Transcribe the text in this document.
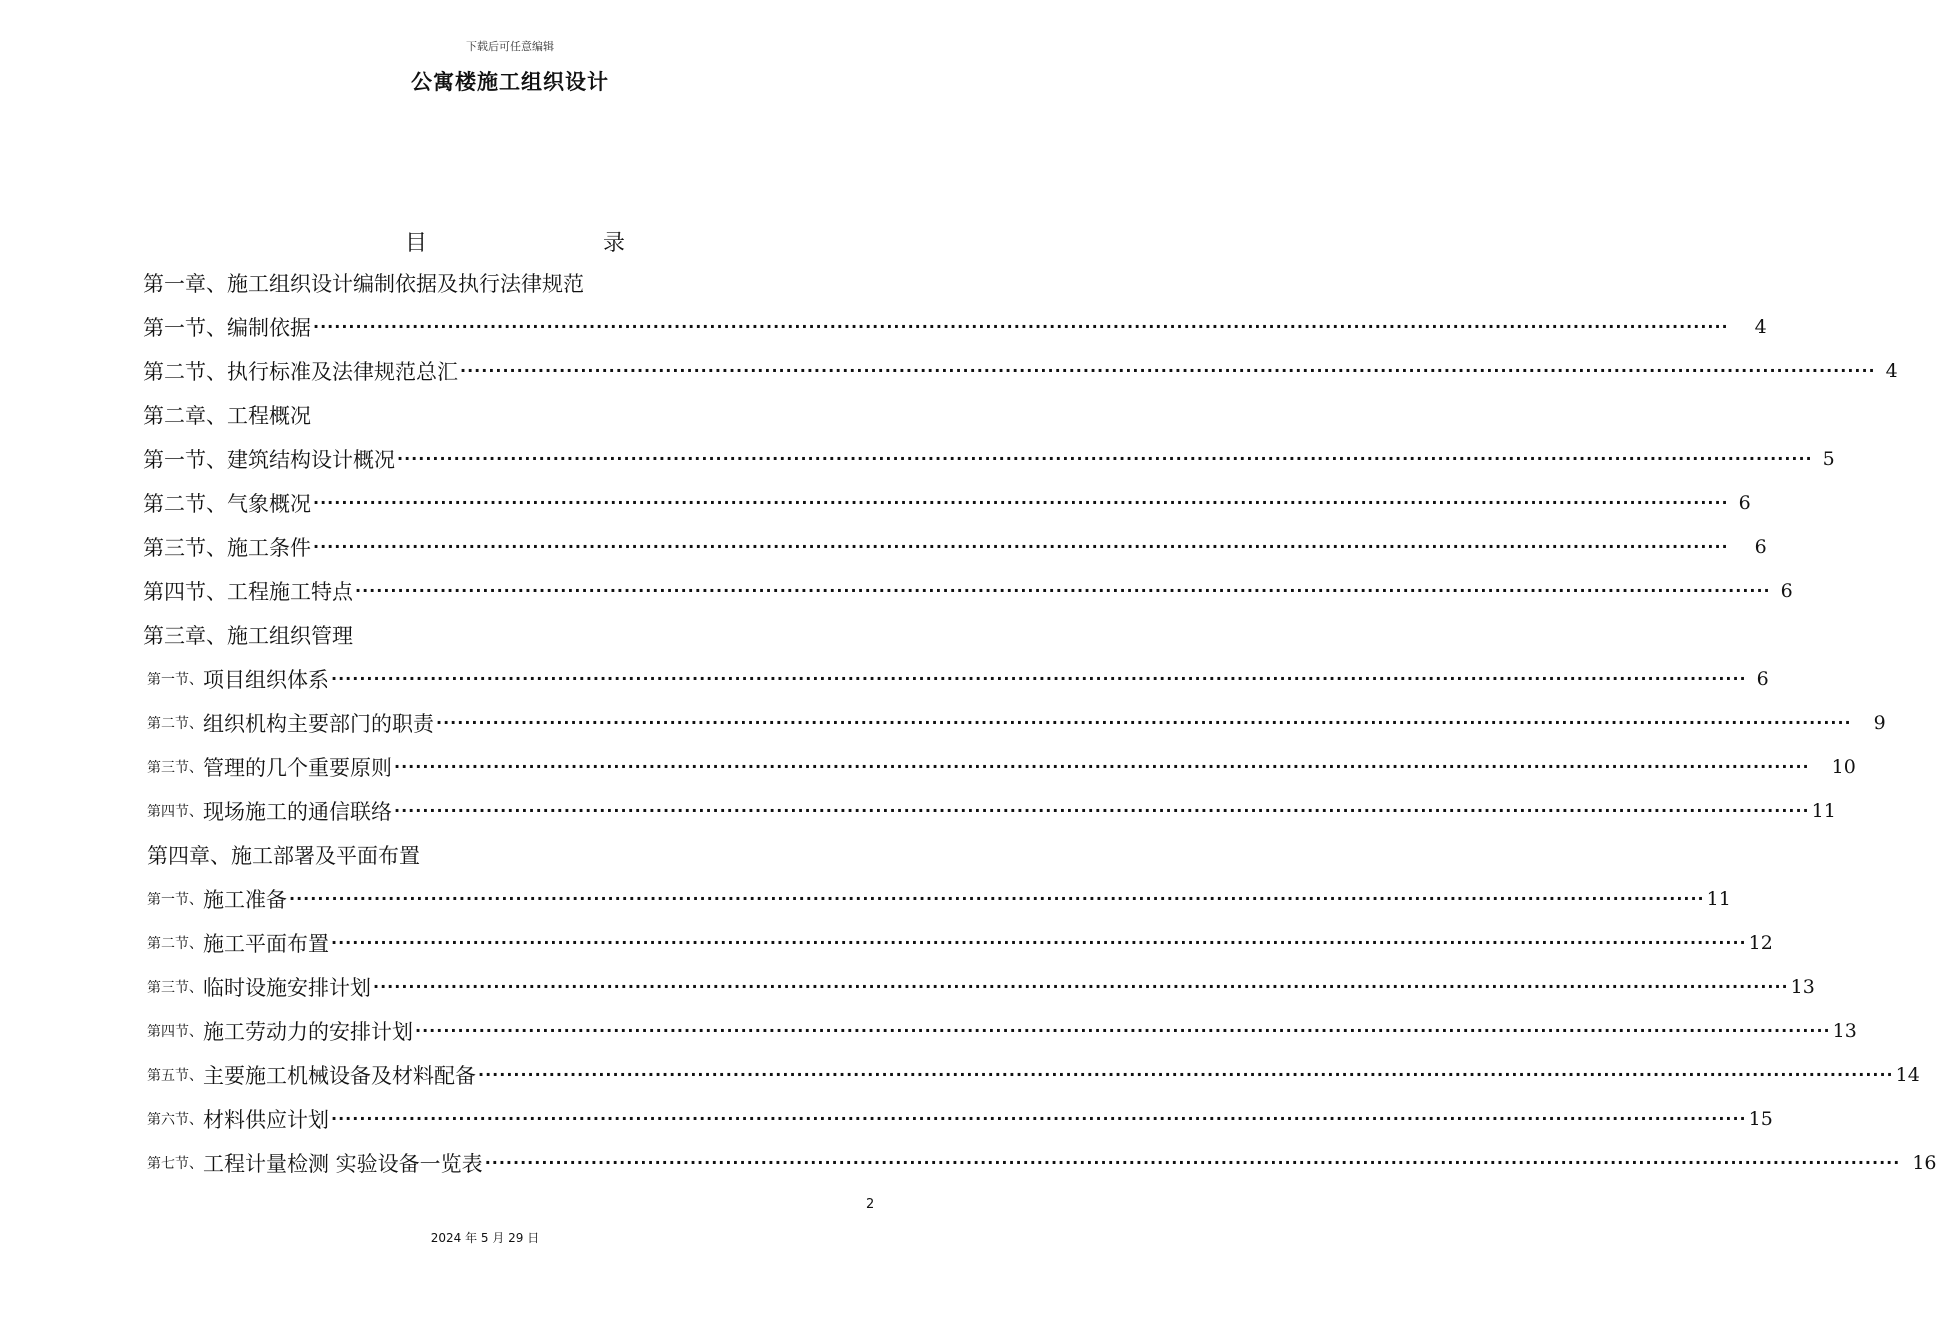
下载后可任意编辑
公寓楼施工组织设计
目	录
第一章、施工组织设计编制依据及执行法律规范
第一节、编制依据 ········································································································································································································ 4
第二节、执行标准及法律规范总汇 ········································································································································································································ 4
第二章、工程概况
第一节、建筑结构设计概况 ········································································································································································································ 5
第二节、气象概况 ········································································································································································································ 6
第三节、施工条件 ········································································································································································································ 6
第四节、工程施工特点 ········································································································································································································ 6
第三章、施工组织管理
第一节、 项目组织体系 ········································································································································································································ 6
第二节、 组织机构主要部门的职责 ········································································································································································································ 9
第三节、 管理的几个重要原则 ········································································································································································································ 10
第四节、 现场施工的通信联络 ········································································································································································································ 11
第四章、施工部署及平面布置
第一节、 施工准备 ········································································································································································································ 11
第二节、 施工平面布置 ········································································································································································································ 12
第三节、 临时设施安排计划 ········································································································································································································ 13
第四节、 施工劳动力的安排计划 ········································································································································································································ 13
第五节、 主要施工机械设备及材料配备 ········································································································································································································ 14
第六节、 材料供应计划 ········································································································································································································ 15
第七节、 工程计量检测 实验设备一览表 ········································································································································································································ 16
2
2024 年 5 月 29 日
